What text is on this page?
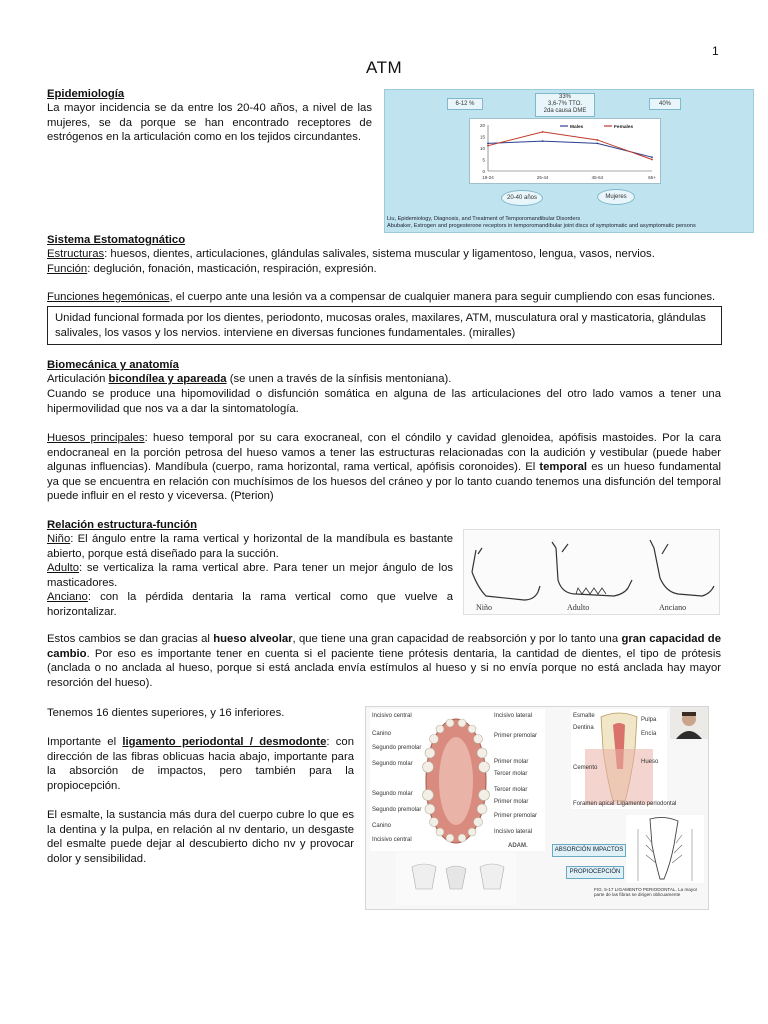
1
ATM
Epidemiología

La mayor incidencia se da entre los 20-40 años, a nivel de las mujeres, se da porque se han encontrado receptores de estrógenos en la articulación como en los tejidos circundantes.

6-12 %
33%
3,6-7% TTO.
2da causa DME
40%
20
15
10
5
0
19-24	25-44	45-64	65+
Males	Females
20-40 años	Mujeres
Liu, Epidemiology, Diagnosis, and Treatment of Temporomandibular Disorders
Abubaker, Estrogen and progesterone receptors in temporomandibular joint discs of symptomatic and asymptomatic persons
Sistema Estomatognático

Estructuras: huesos, dientes, articulaciones, glándulas salivales, sistema muscular y ligamentoso, lengua, vasos, nervios.

Función: deglución, fonación, masticación, respiración, expresión.

Funciones hegemónicas, el cuerpo ante una lesión va a compensar de cualquier manera para seguir cumpliendo con esas funciones.

Unidad funcional formada por los dientes, periodonto, mucosas orales, maxilares, ATM, musculatura oral y masticatoria, glándulas salivales, los vasos y los nervios. interviene en diversas funciones fundamentales. (miralles)

Biomecánica y anatomía

Articulación bicondílea y apareada (se unen a través de la sínfisis mentoniana).

Cuando se produce una hipomovilidad o disfunción somática en alguna de las articulaciones del otro lado vamos a tener una hipermovilidad que nos va a dar la sintomatología.

Huesos principales: hueso temporal por su cara exocraneal, con el cóndilo y cavidad glenoidea, apófisis mastoides. Por la cara endocraneal en la porción petrosa del hueso vamos a tener las estructuras relacionadas con la audición y vestibular (puede haber algunas influencias). Mandíbula (cuerpo, rama horizontal, rama vertical, apófisis coronoides). El temporal es un hueso fundamental ya que se encuentra en relación con muchísimos de los huesos del cráneo y por lo tanto cuando tenemos una disfunción del temporal puede influir en el resto y viceversa. (Pterion)

Relación estructura-función

Niño: El ángulo entre la rama vertical y horizontal de la mandíbula es bastante abierto, porque está diseñado para la succión.

Adulto: se verticaliza la rama vertical abre. Para tener un mejor ángulo de los masticadores.

Anciano: con la pérdida dentaria la rama vertical como que vuelve a horizontalizar.	Niño	Adulto	Anciano

Estos cambios se dan gracias al hueso alveolar, que tiene una gran capacidad de reabsorción y por lo tanto una gran capacidad de cambio. Por eso es importante tener en cuenta si el paciente tiene prótesis dentaria, la cantidad de dientes, el tipo de prótesis (anclada o no anclada al hueso, porque si está anclada envía estímulos al hueso y si no envía porque no está anclada hay mayor resorción del hueso).

Tenemos 16 dientes superiores, y 16 inferiores.

Importante el ligamento periodontal / desmodonte: con dirección de las fibras oblicuas hacia abajo, importante para la absorción de impactos, pero también para la propiocepción.

El esmalte, la sustancia más dura del cuerpo cubre lo que es la dentina y la pulpa, en relación al nv dentario, un desgaste del esmalte puede dejar al descubierto dicho nv y provocar dolor y sensibilidad.

Incisivo central
Canino
Segundo premolar
Segundo molar
Segundo molar
Segundo premolar
Canino
Incisivo central
Incisivo lateral
Primer premolar
Primer molar
Tercer molar
Tercer molar
Primer molar
Primer premolar
Incisivo lateral
ADAM.
Esmalte
Dentina
Pulpa
Encía
Hueso
Cemento
Foramen apical Ligamento periodontal
ABSORCIÓN IMPACTOS
PROPIOCEPCIÓN
FIG. 5-17 LIGAMENTO PERIODONTAL. La mayor parte de las fibras se dirigen oblicuamente
